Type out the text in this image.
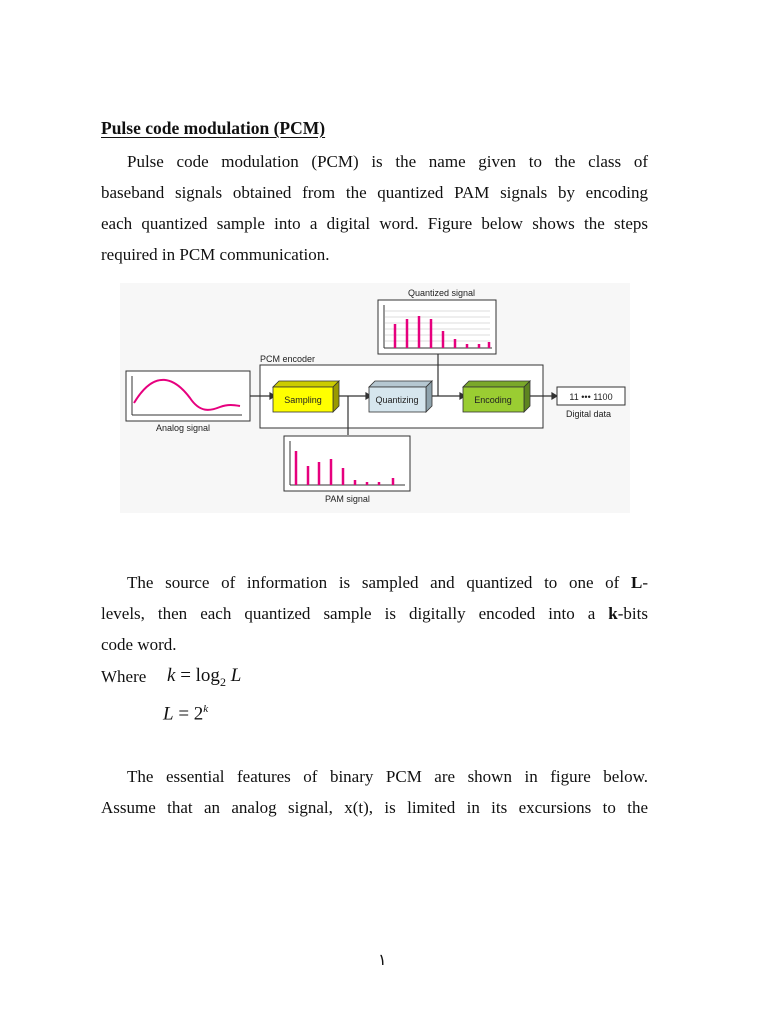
Pulse code modulation (PCM)
Pulse code modulation (PCM) is the name given to the class of
baseband signals obtained from the quantized PAM signals by encoding
each quantized sample into a digital word. Figure below shows the steps
required in PCM communication.
Quantized signal
PCM encoder
Analog signal
Sampling	Quantizing	Encoding	11 ••• 1100
Digital data
PAM signal
The source of information is sampled and quantized to one of L-
levels, then each quantized sample is digitally encoded into a k-bits
code word.
Where $k = \log_2 L$
$L = 2^k$
The essential features of binary PCM are shown in figure below.
Assume that an analog signal, x(t), is limited in its excursions to the
١
